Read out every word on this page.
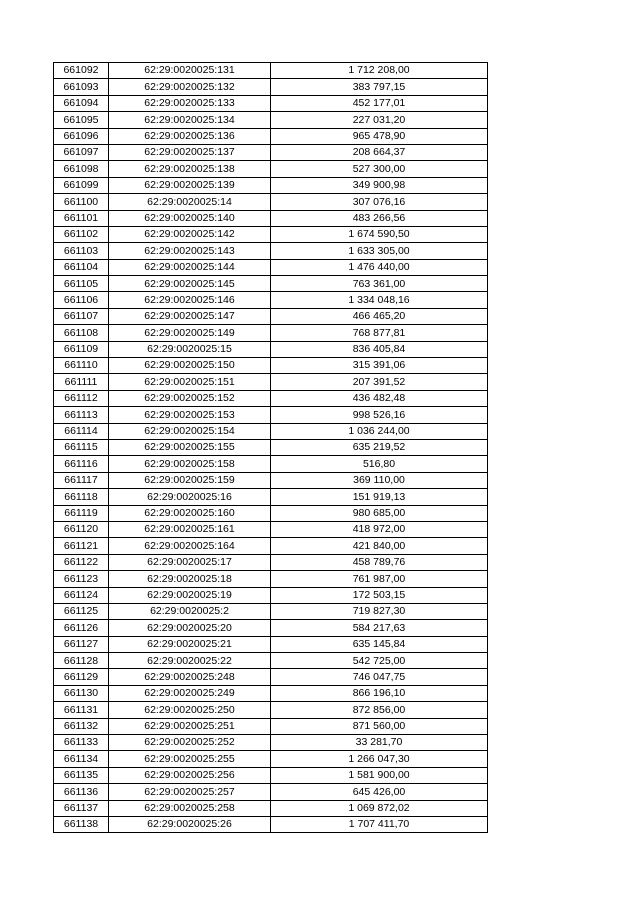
661092	62:29:0020025:131	1 712 208,00
661093	62:29:0020025:132	383 797,15
661094	62:29:0020025:133	452 177,01
661095	62:29:0020025:134	227 031,20
661096	62:29:0020025:136	965 478,90
661097	62:29:0020025:137	208 664,37
661098	62:29:0020025:138	527 300,00
661099	62:29:0020025:139	349 900,98
661100	62:29:0020025:14	307 076,16
661101	62:29:0020025:140	483 266,56
661102	62:29:0020025:142	1 674 590,50
661103	62:29:0020025:143	1 633 305,00
661104	62:29:0020025:144	1 476 440,00
661105	62:29:0020025:145	763 361,00
661106	62:29:0020025:146	1 334 048,16
661107	62:29:0020025:147	466 465,20
661108	62:29:0020025:149	768 877,81
661109	62:29:0020025:15	836 405,84
661110	62:29:0020025:150	315 391,06
661111	62:29:0020025:151	207 391,52
661112	62:29:0020025:152	436 482,48
661113	62:29:0020025:153	998 526,16
661114	62:29:0020025:154	1 036 244,00
661115	62:29:0020025:155	635 219,52
661116	62:29:0020025:158	516,80
661117	62:29:0020025:159	369 110,00
661118	62:29:0020025:16	151 919,13
661119	62:29:0020025:160	980 685,00
661120	62:29:0020025:161	418 972,00
661121	62:29:0020025:164	421 840,00
661122	62:29:0020025:17	458 789,76
661123	62:29:0020025:18	761 987,00
661124	62:29:0020025:19	172 503,15
661125	62:29:0020025:2	719 827,30
661126	62:29:0020025:20	584 217,63
661127	62:29:0020025:21	635 145,84
661128	62:29:0020025:22	542 725,00
661129	62:29:0020025:248	746 047,75
661130	62:29:0020025:249	866 196,10
661131	62:29:0020025:250	872 856,00
661132	62:29:0020025:251	871 560,00
661133	62:29:0020025:252	33 281,70
661134	62:29:0020025:255	1 266 047,30
661135	62:29:0020025:256	1 581 900,00
661136	62:29:0020025:257	645 426,00
661137	62:29:0020025:258	1 069 872,02
661138	62:29:0020025:26	1 707 411,70
